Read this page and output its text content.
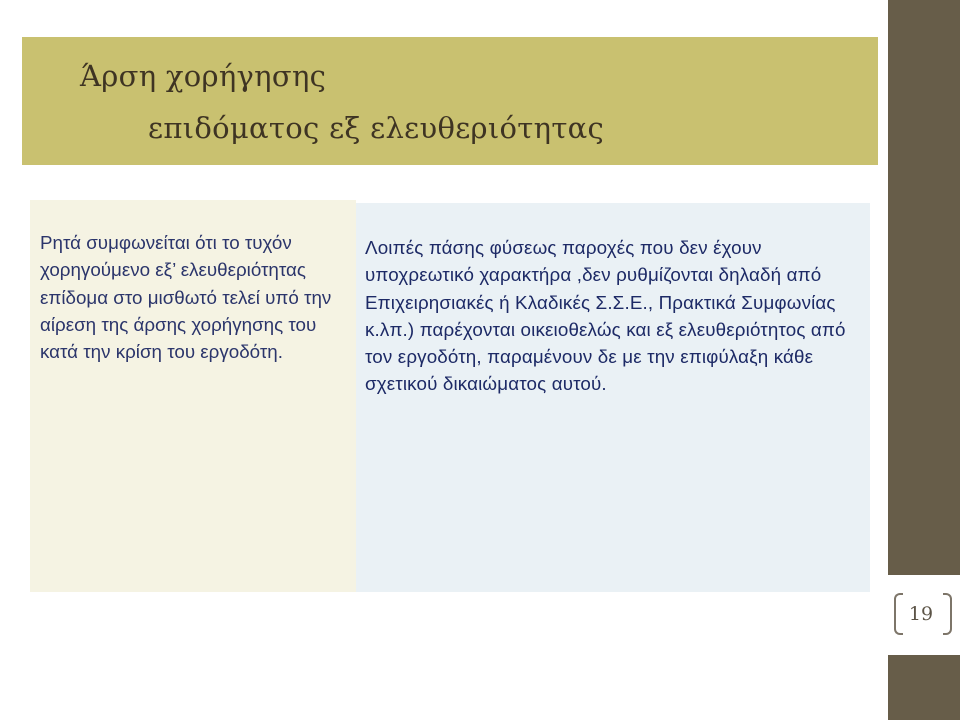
Άρση χορήγησης
επιδόματος εξ ελευθεριότητας

Ρητά συμφωνείται ότι το τυχόν χορηγούμενο εξ’ ελευθεριότητας επίδομα στο μισθωτό τελεί υπό την αίρεση της άρσης χορήγησης του κατά την κρίση του εργοδότη.

Λοιπές πάσης φύσεως παροχές που δεν έχουν υποχρεωτικό χαρακτήρα ,δεν ρυθμίζονται δηλαδή από Επιχειρησιακές ή Κλαδικές Σ.Σ.Ε., Πρακτικά Συμφωνίας κ.λπ.) παρέχονται οικειοθελώς και εξ ελευθεριότητος από τον εργοδότη, παραμένουν δε με την επιφύλαξη κάθε σχετικού δικαιώματος αυτού.

19
